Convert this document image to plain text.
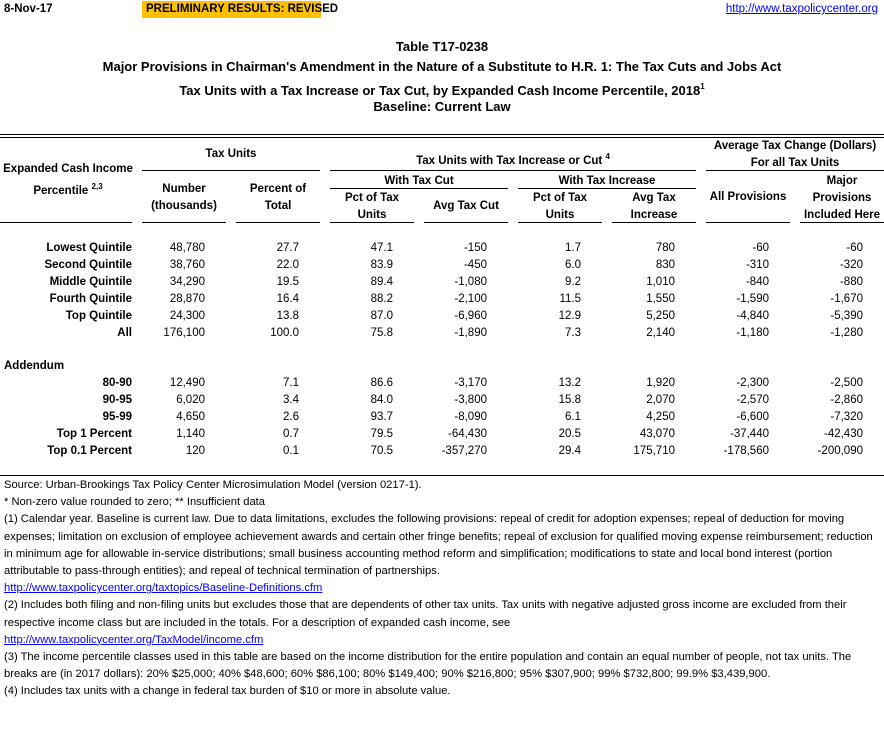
8-Nov-17	PRELIMINARY RESULTS: REVISED	http://www.taxpolicycenter.org
Table T17-0238
Major Provisions in Chairman's Amendment in the Nature of a Substitute to H.R. 1: The Tax Cuts and Jobs Act
Tax Units with a Tax Increase or Tax Cut, by Expanded Cash Income Percentile, 2018$^1$
Baseline: Current Law
Expanded Cash Income
Percentile $^{2,3}$
Tax Units
Number
(thousands)
Percent of
Total
Tax Units with Tax Increase or Cut $^4$
With Tax Cut	With Tax Increase
Pct of Tax
Units
Avg Tax Cut
Pct of Tax
Units
Avg Tax
Increase
Average Tax Change (Dollars)
For all Tax Units
All Provisions
Major
Provisions
Included Here
Lowest Quintile	48,780	27.7	47.1	-150	1.7	780	-60	-60
Second Quintile	38,760	22.0	83.9	-450	6.0	830	-310	-320
Middle Quintile	34,290	19.5	89.4	-1,080	9.2	1,010	-840	-880
Fourth Quintile	28,870	16.4	88.2	-2,100	11.5	1,550	-1,590	-1,670
Top Quintile	24,300	13.8	87.0	-6,960	12.9	5,250	-4,840	-5,390
All	176,100	100.0	75.8	-1,890	7.3	2,140	-1,180	-1,280
Addendum
80-90	12,490	7.1	86.6	-3,170	13.2	1,920	-2,300	-2,500
90-95	6,020	3.4	84.0	-3,800	15.8	2,070	-2,570	-2,860
95-99	4,650	2.6	93.7	-8,090	6.1	4,250	-6,600	-7,320
Top 1 Percent	1,140	0.7	79.5	-64,430	20.5	43,070	-37,440	-42,430
Top 0.1 Percent	120	0.1	70.5	-357,270	29.4	175,710	-178,560	-200,090
Source: Urban-Brookings Tax Policy Center Microsimulation Model (version 0217-1).
* Non-zero value rounded to zero; ** Insufficient data
(1) Calendar year. Baseline is current law. Due to data limitations, excludes the following provisions: repeal of credit for adoption expenses; repeal of deduction for moving expenses; limitation on exclusion of employee achievement awards and certain other fringe benefits; repeal of exclusion for qualified moving expense reimbursement; reduction in minimum age for allowable in-service distributions; small business accounting method reform and simplification; modifications to state and local bond interest (portion attributable to pass-through entities); and repeal of technical termination of partnerships.
http://www.taxpolicycenter.org/taxtopics/Baseline-Definitions.cfm
(2) Includes both filing and non-filing units but excludes those that are dependents of other tax units. Tax units with negative adjusted gross income are excluded from their respective income class but are included in the totals. For a description of expanded cash income, see
http://www.taxpolicycenter.org/TaxModel/income.cfm
(3) The income percentile classes used in this table are based on the income distribution for the entire population and contain an equal number of people, not tax units. The breaks are (in 2017 dollars): 20% $25,000; 40% $48,600; 60% $86,100; 80% $149,400; 90% $216,800; 95% $307,900; 99% $732,800; 99.9% $3,439,900.
(4) Includes tax units with a change in federal tax burden of $10 or more in absolute value.
